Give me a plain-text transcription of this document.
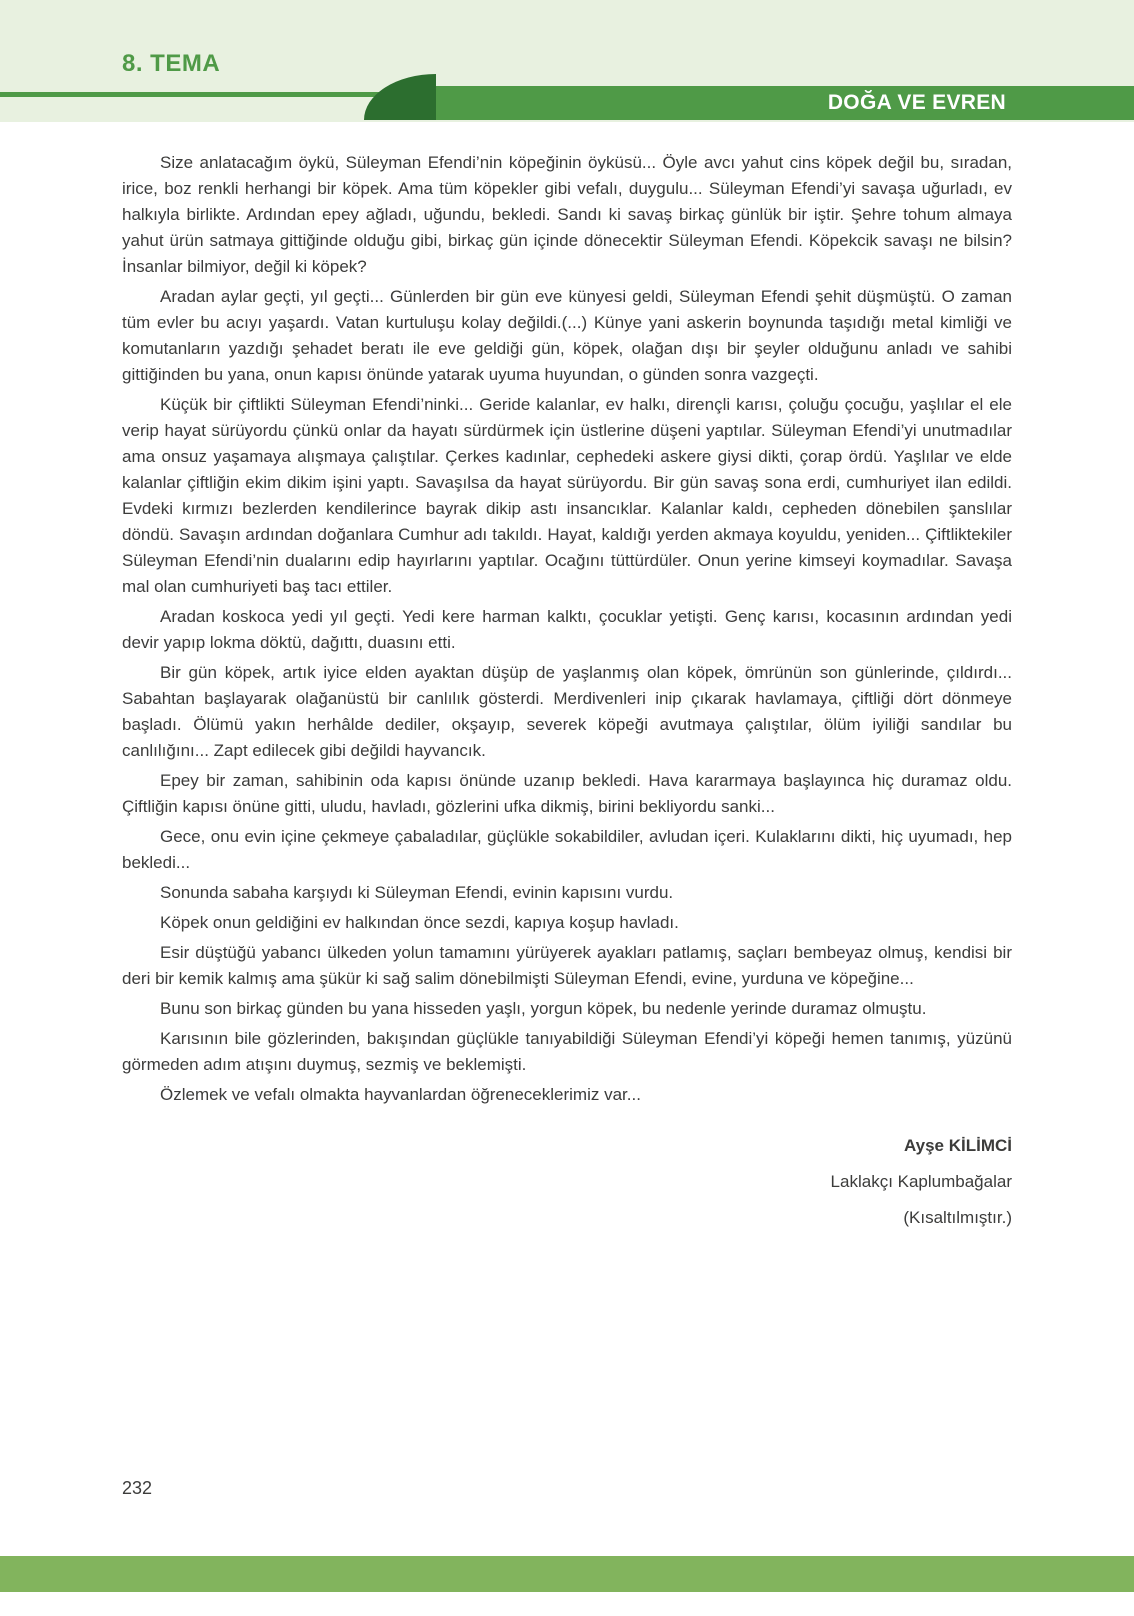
8. TEMA
DOĞA VE EVREN

Size anlatacağım öykü, Süleyman Efendi’nin köpeğinin öyküsü... Öyle avcı yahut cins köpek değil bu, sıradan, irice, boz renkli herhangi bir köpek. Ama tüm köpekler gibi vefalı, duygulu... Süleyman Efendi’yi savaşa uğurladı, ev halkıyla birlikte. Ardından epey ağladı, uğundu, bekledi. Sandı ki savaş birkaç günlük bir iştir. Şehre tohum almaya yahut ürün satmaya gittiğinde olduğu gibi, birkaç gün içinde dönecektir Süleyman Efendi. Köpekcik savaşı ne bilsin? İnsanlar bilmiyor, değil ki köpek?

Aradan aylar geçti, yıl geçti... Günlerden bir gün eve künyesi geldi, Süleyman Efendi şehit düşmüştü. O zaman tüm evler bu acıyı yaşardı. Vatan kurtuluşu kolay değildi.(...) Künye yani askerin boynunda taşıdığı metal kimliği ve komutanların yazdığı şehadet beratı ile eve geldiği gün, köpek, olağan dışı bir şeyler olduğunu anladı ve sahibi gittiğinden bu yana, onun kapısı önünde yatarak uyuma huyundan, o günden sonra vazgeçti.

Küçük bir çiftlikti Süleyman Efendi’ninki... Geride kalanlar, ev halkı, dirençli karısı, çoluğu çocuğu, yaşlılar el ele verip hayat sürüyordu çünkü onlar da hayatı sürdürmek için üstlerine düşeni yaptılar. Süleyman Efendi’yi unutmadılar ama onsuz yaşamaya alışmaya çalıştılar. Çerkes kadınlar, cephedeki askere giysi dikti, çorap ördü. Yaşlılar ve elde kalanlar çiftliğin ekim dikim işini yaptı. Savaşılsa da hayat sürüyordu. Bir gün savaş sona erdi, cumhuriyet ilan edildi. Evdeki kırmızı bezlerden kendilerince bayrak dikip astı insancıklar. Kalanlar kaldı, cepheden dönebilen şanslılar döndü. Savaşın ardından doğanlara Cumhur adı takıldı. Hayat, kaldığı yerden akmaya koyuldu, yeniden... Çiftliktekiler Süleyman Efendi’nin dualarını edip hayırlarını yaptılar. Ocağını tüttürdüler. Onun yerine kimseyi koymadılar. Savaşa mal olan cumhuriyeti baş tacı ettiler.

Aradan koskoca yedi yıl geçti. Yedi kere harman kalktı, çocuklar yetişti. Genç karısı, kocasının ardından yedi devir yapıp lokma döktü, dağıttı, duasını etti.

Bir gün köpek, artık iyice elden ayaktan düşüp de yaşlanmış olan köpek, ömrünün son günlerinde, çıldırdı... Sabahtan başlayarak olağanüstü bir canlılık gösterdi. Merdivenleri inip çıkarak havlamaya, çiftliği dört dönmeye başladı. Ölümü yakın herhâlde dediler, okşayıp, severek köpeği avutmaya çalıştılar, ölüm iyiliği sandılar bu canlılığını... Zapt edilecek gibi değildi hayvancık.

Epey bir zaman, sahibinin oda kapısı önünde uzanıp bekledi. Hava kararmaya başlayınca hiç duramaz oldu. Çiftliğin kapısı önüne gitti, uludu, havladı, gözlerini ufka dikmiş, birini bekliyordu sanki...

Gece, onu evin içine çekmeye çabaladılar, güçlükle sokabildiler, avludan içeri. Kulaklarını dikti, hiç uyumadı, hep bekledi...

Sonunda sabaha karşıydı ki Süleyman Efendi, evinin kapısını vurdu.

Köpek onun geldiğini ev halkından önce sezdi, kapıya koşup havladı.

Esir düştüğü yabancı ülkeden yolun tamamını yürüyerek ayakları patlamış, saçları bembeyaz olmuş, kendisi bir deri bir kemik kalmış ama şükür ki sağ salim dönebilmişti Süleyman Efendi, evine, yurduna ve köpeğine...

Bunu son birkaç günden bu yana hisseden yaşlı, yorgun köpek, bu nedenle yerinde duramaz olmuştu.

Karısının bile gözlerinden, bakışından güçlükle tanıyabildiği Süleyman Efendi’yi köpeği hemen tanımış, yüzünü görmeden adım atışını duymuş, sezmiş ve beklemişti.

Özlemek ve vefalı olmakta hayvanlardan öğreneceklerimiz var...

Ayşe KİLİMCİ
Laklakçı Kaplumbağalar
(Kısaltılmıştır.)
232
